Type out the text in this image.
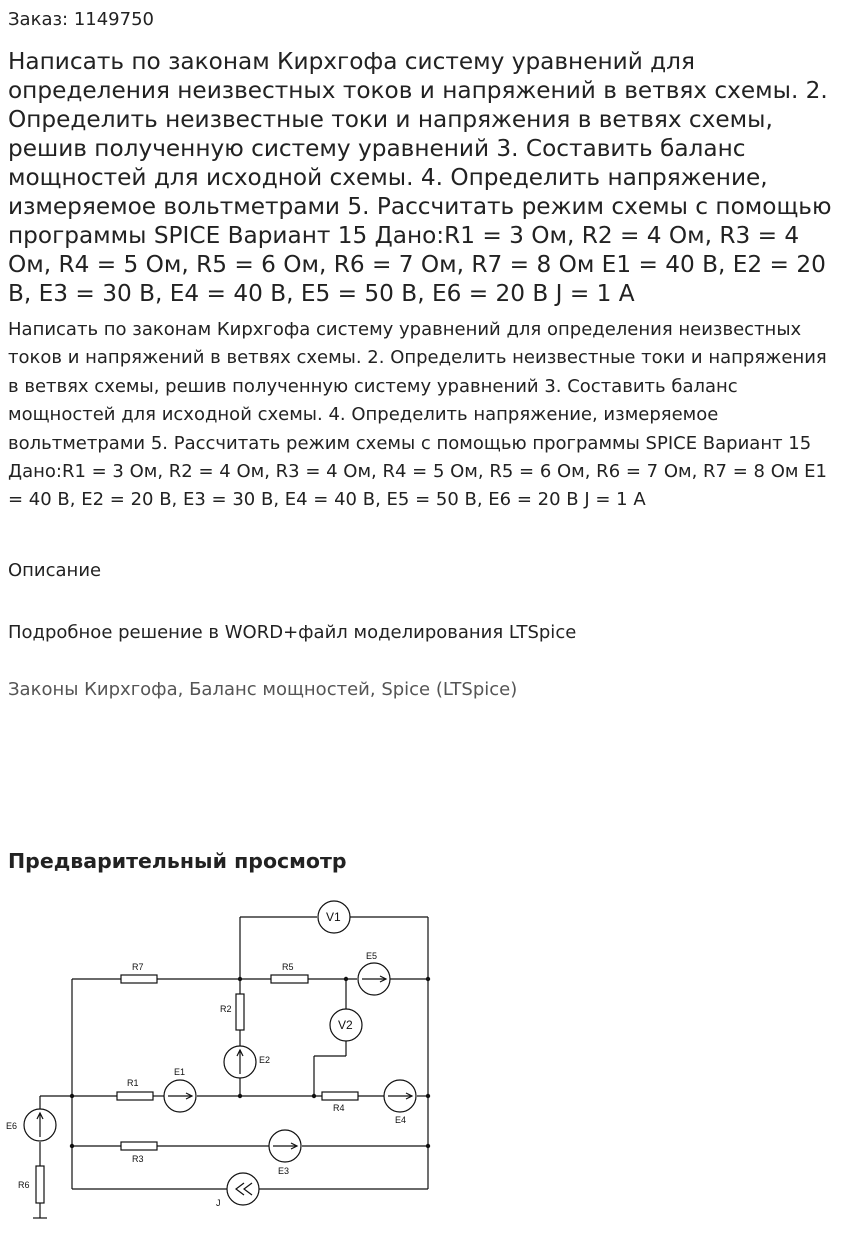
Заказ: 1149750
Написать по законам Кирхгофа систему уравнений для определения неизвестных токов и напряжений в ветвях схемы. 2. Определить неизвестные токи и напряжения в ветвях схемы, решив полученную систему уравнений 3. Составить баланс мощностей для исходной схемы. 4. Определить напряжение, измеряемое вольтметрами 5. Рассчитать режим схемы с помощью программы SPICE Вариант 15 Дано:R1 = 3 Ом, R2 = 4 Ом, R3 = 4 Ом, R4 = 5 Ом, R5 = 6 Ом, R6 = 7 Ом, R7 = 8 Ом E1 = 40 В, E2 = 20 В, E3 = 30 В, E4 = 40 В, E5 = 50 В, E6 = 20 В J = 1 А

Написать по законам Кирхгофа систему уравнений для определения неизвестных токов и напряжений в ветвях схемы. 2. Определить неизвестные токи и напряжения в ветвях схемы, решив полученную систему уравнений 3. Составить баланс мощностей для исходной схемы. 4. Определить напряжение, измеряемое вольтметрами 5. Рассчитать режим схемы с помощью программы SPICE Вариант 15 Дано:R1 = 3 Ом, R2 = 4 Ом, R3 = 4 Ом, R4 = 5 Ом, R5 = 6 Ом, R6 = 7 Ом, R7 = 8 Ом E1 = 40 В, E2 = 20 В, E3 = 30 В, E4 = 40 В, E5 = 50 В, E6 = 20 В J = 1 А

Описание
Подробное решение в WORD+файл моделирования LTSpice
Законы Кирхгофа, Баланс мощностей, Spice (LTSpice)
Предварительный просмотр
V1
V2
R7	R5
E5
R2
E2
R1
E1
R4
E4
E6
R6
R3
E3
J
